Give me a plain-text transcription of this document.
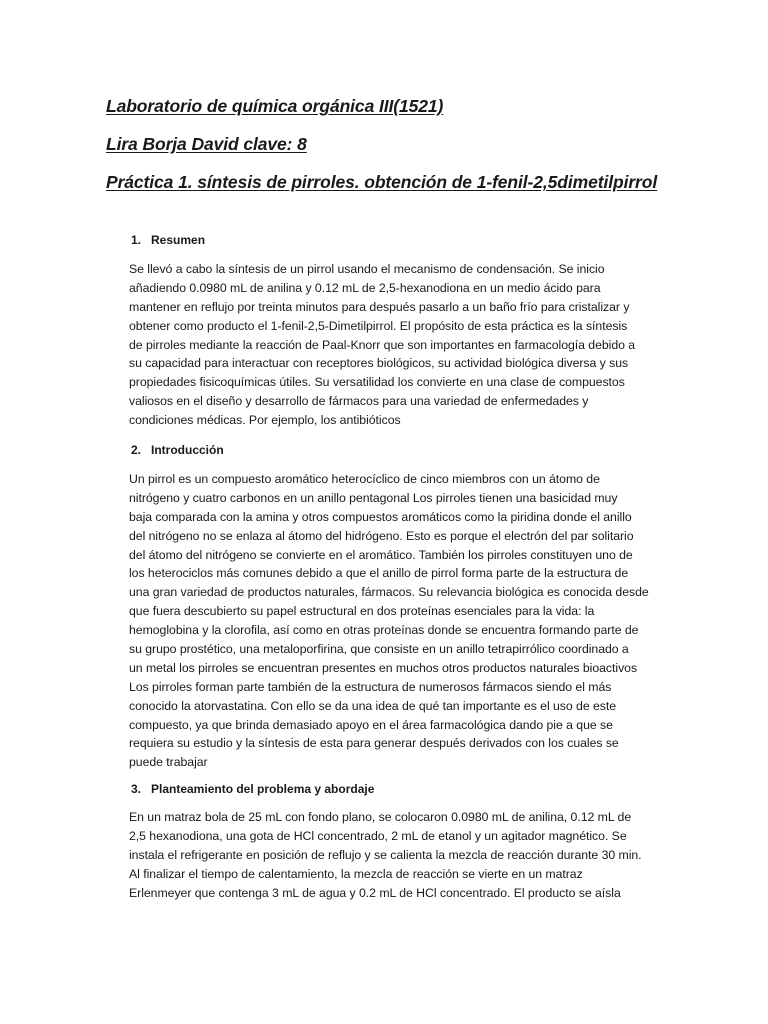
Laboratorio de química orgánica III(1521)
Lira Borja David clave: 8
Práctica 1. síntesis de pirroles. obtención de 1-fenil-2,5dimetilpirrol
1. Resumen

Se llevó a cabo la síntesis de un pirrol usando el mecanismo de condensación. Se inicio
añadiendo 0.0980 mL de anilina y 0.12 mL de 2,5-hexanodiona en un medio ácido para
mantener en reflujo por treinta minutos para después pasarlo a un baño frío para cristalizar y
obtener como producto el 1-fenil-2,5-Dimetilpirrol. El propósito de esta práctica es la síntesis
de pirroles mediante la reacción de Paal-Knorr que son importantes en farmacología debido a
su capacidad para interactuar con receptores biológicos, su actividad biológica diversa y sus
propiedades fisicoquímicas útiles. Su versatilidad los convierte en una clase de compuestos
valiosos en el diseño y desarrollo de fármacos para una variedad de enfermedades y
condiciones médicas. Por ejemplo, los antibióticos

2. Introducción

Un pirrol es un compuesto aromático heterocíclico de cinco miembros con un átomo de
nitrógeno y cuatro carbonos en un anillo pentagonal Los pirroles tienen una basicidad muy
baja comparada con la amina y otros compuestos aromáticos como la piridina donde el anillo
del nitrógeno no se enlaza al átomo del hidrógeno. Esto es porque el electrón del par solitario
del átomo del nitrógeno se convierte en el aromático. También los pirroles constituyen uno de
los heterociclos más comunes debido a que el anillo de pirrol forma parte de la estructura de
una gran variedad de productos naturales, fármacos. Su relevancia biológica es conocida desde
que fuera descubierto su papel estructural en dos proteínas esenciales para la vida: la
hemoglobina y la clorofila, así como en otras proteínas donde se encuentra formando parte de
su grupo prostético, una metaloporfirina, que consiste en un anillo tetrapirrólico coordinado a
un metal los pirroles se encuentran presentes en muchos otros productos naturales bioactivos
Los pirroles forman parte también de la estructura de numerosos fármacos siendo el más
conocido la atorvastatina. Con ello se da una idea de qué tan importante es el uso de este
compuesto, ya que brinda demasiado apoyo en el área farmacológica dando pie a que se
requiera su estudio y la síntesis de esta para generar después derivados con los cuales se
puede trabajar

3. Planteamiento del problema y abordaje

En un matraz bola de 25 mL con fondo plano, se colocaron 0.0980 mL de anilina, 0.12 mL de
2,5 hexanodiona, una gota de HCl concentrado, 2 mL de etanol y un agitador magnético. Se
instala el refrigerante en posición de reflujo y se calienta la mezcla de reacción durante 30 min.
Al finalizar el tiempo de calentamiento, la mezcla de reacción se vierte en un matraz
Erlenmeyer que contenga 3 mL de agua y 0.2 mL de HCl concentrado. El producto se aísla
